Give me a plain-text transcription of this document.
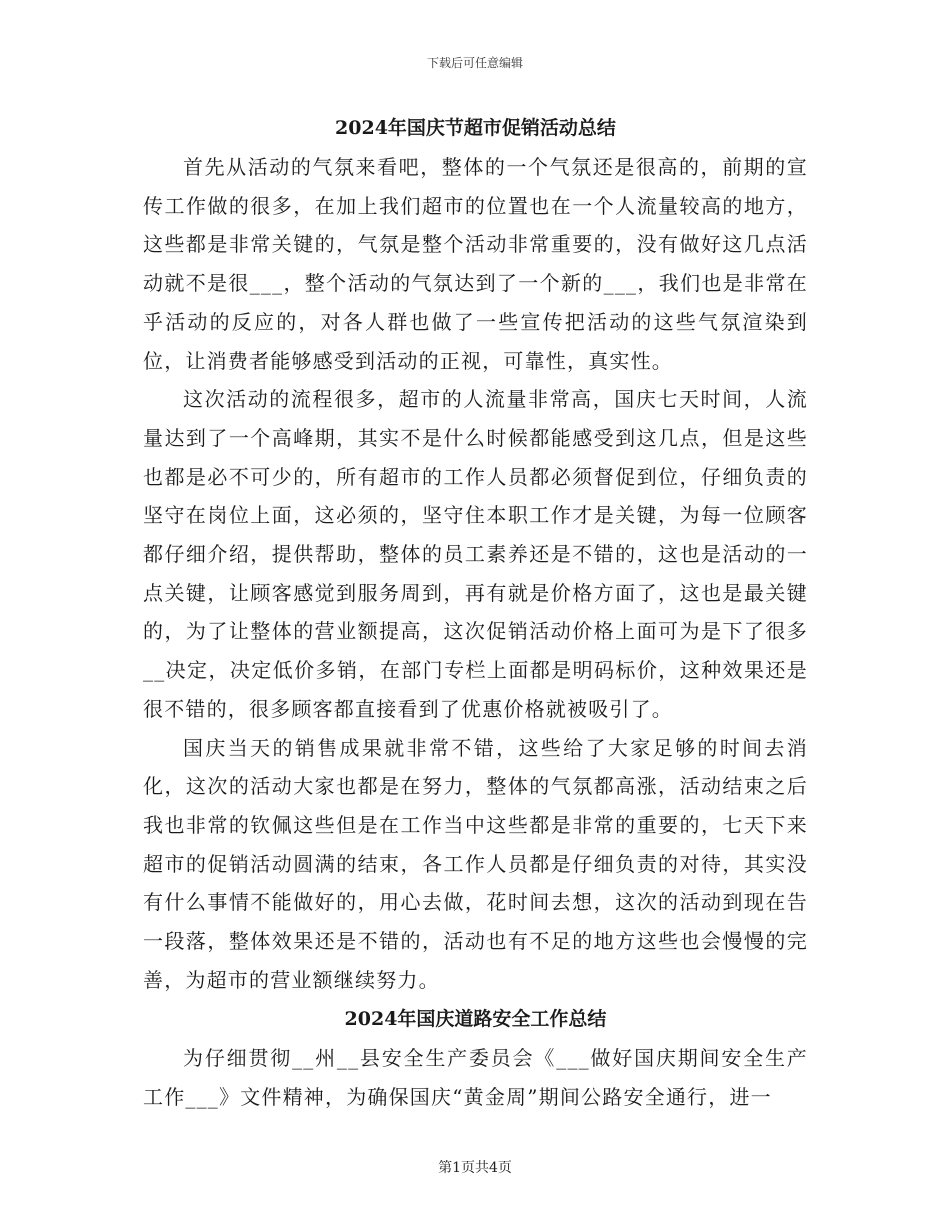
下载后可任意编辑
2024年国庆节超市促销活动总结

首先从活动的气氛来看吧，整体的一个气氛还是很高的，前期的宣传工作做的很多，在加上我们超市的位置也在一个人流量较高的地方，这些都是非常关键的，气氛是整个活动非常重要的，没有做好这几点活动就不是很___，整个活动的气氛达到了一个新的___，我们也是非常在乎活动的反应的，对各人群也做了一些宣传把活动的这些气氛渲染到位，让消费者能够感受到活动的正视，可靠性，真实性。

这次活动的流程很多，超市的人流量非常高，国庆七天时间，人流量达到了一个高峰期，其实不是什么时候都能感受到这几点，但是这些也都是必不可少的，所有超市的工作人员都必须督促到位，仔细负责的坚守在岗位上面，这必须的，坚守住本职工作才是关键，为每一位顾客都仔细介绍，提供帮助，整体的员工素养还是不错的，这也是活动的一点关键，让顾客感觉到服务周到，再有就是价格方面了，这也是最关键的，为了让整体的营业额提高，这次促销活动价格上面可为是下了很多__决定，决定低价多销，在部门专栏上面都是明码标价，这种效果还是很不错的，很多顾客都直接看到了优惠价格就被吸引了。

国庆当天的销售成果就非常不错，这些给了大家足够的时间去消化，这次的活动大家也都是在努力，整体的气氛都高涨，活动结束之后我也非常的钦佩这些但是在工作当中这些都是非常的重要的，七天下来超市的促销活动圆满的结束，各工作人员都是仔细负责的对待，其实没有什么事情不能做好的，用心去做，花时间去想，这次的活动到现在告一段落，整体效果还是不错的，活动也有不足的地方这些也会慢慢的完善，为超市的营业额继续努力。

2024年国庆道路安全工作总结

为仔细贯彻__州__县安全生产委员会《___做好国庆期间安全生产工作___》文件精神，为确保国庆“黄金周”期间公路安全通行，进一

第1页共4页
